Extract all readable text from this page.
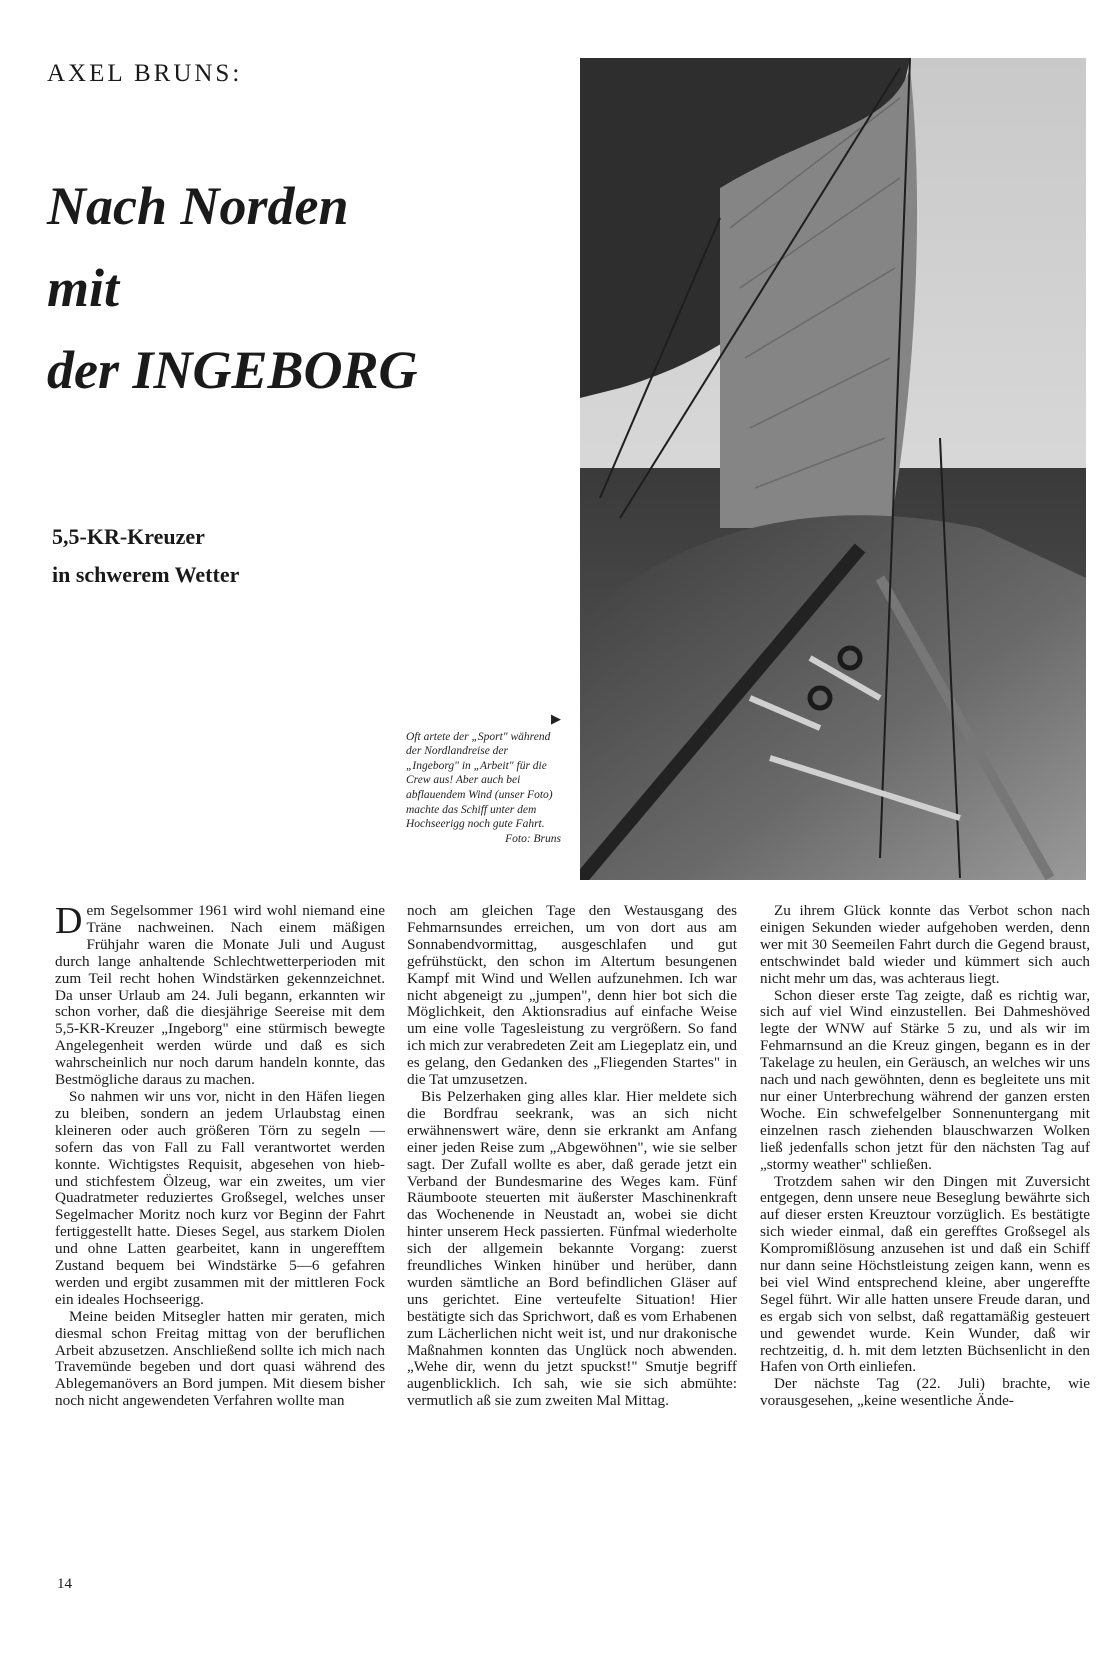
AXEL BRUNS:
Nach Norden
mit
der INGEBORG
5,5-KR-Kreuzer
in schwerem Wetter
▶
Oft artete der „Sport" während der Nordlandreise der „Ingeborg" in „Arbeit" für die Crew aus! Aber auch bei abflauendem Wind (unser Foto) machte das Schiff unter dem Hochseerigg noch gute Fahrt.
Foto: Bruns

Dem Segelsommer 1961 wird wohl niemand eine Träne nachweinen. Nach einem mäßigen Frühjahr waren die Monate Juli und August durch lange anhaltende Schlechtwetterperioden mit zum Teil recht hohen Windstärken gekennzeichnet. Da unser Urlaub am 24. Juli begann, erkannten wir schon vorher, daß die diesjährige Seereise mit dem 5,5-KR-Kreuzer „Ingeborg" eine stürmisch bewegte Angelegenheit werden würde und daß es sich wahrscheinlich nur noch darum handeln konnte, das Bestmögliche daraus zu machen.

So nahmen wir uns vor, nicht in den Häfen liegen zu bleiben, sondern an jedem Urlaubstag einen kleineren oder auch größeren Törn zu segeln — sofern das von Fall zu Fall verantwortet werden konnte. Wichtigstes Requisit, abgesehen von hieb- und stichfestem Ölzeug, war ein zweites, um vier Quadratmeter reduziertes Großsegel, welches unser Segelmacher Moritz noch kurz vor Beginn der Fahrt fertiggestellt hatte. Dieses Segel, aus starkem Diolen und ohne Latten gearbeitet, kann in ungerefftem Zustand bequem bei Windstärke 5—6 gefahren werden und ergibt zusammen mit der mittleren Fock ein ideales Hochseerigg.

Meine beiden Mitsegler hatten mir geraten, mich diesmal schon Freitag mittag von der beruflichen Arbeit abzusetzen. Anschließend sollte ich mich nach Travemünde begeben und dort quasi während des Ablegemanövers an Bord jumpen. Mit diesem bisher noch nicht angewendeten Verfahren wollte man

noch am gleichen Tage den Westausgang des Fehmarnsundes erreichen, um von dort aus am Sonnabendvormittag, ausgeschlafen und gut gefrühstückt, den schon im Altertum besungenen Kampf mit Wind und Wellen aufzunehmen. Ich war nicht abgeneigt zu „jumpen", denn hier bot sich die Möglichkeit, den Aktionsradius auf einfache Weise um eine volle Tagesleistung zu vergrößern. So fand ich mich zur verabredeten Zeit am Liegeplatz ein, und es gelang, den Gedanken des „Fliegenden Startes" in die Tat umzusetzen.

Bis Pelzerhaken ging alles klar. Hier meldete sich die Bordfrau seekrank, was an sich nicht erwähnenswert wäre, denn sie erkrankt am Anfang einer jeden Reise zum „Abgewöhnen", wie sie selber sagt. Der Zufall wollte es aber, daß gerade jetzt ein Verband der Bundesmarine des Weges kam. Fünf Räumboote steuerten mit äußerster Maschinenkraft das Wochenende in Neustadt an, wobei sie dicht hinter unserem Heck passierten. Fünfmal wiederholte sich der allgemein bekannte Vorgang: zuerst freundliches Winken hinüber und herüber, dann wurden sämtliche an Bord befindlichen Gläser auf uns gerichtet. Eine verteufelte Situation! Hier bestätigte sich das Sprichwort, daß es vom Erhabenen zum Lächerlichen nicht weit ist, und nur drakonische Maßnahmen konnten das Unglück noch abwenden. „Wehe dir, wenn du jetzt spuckst!" Smutje begriff augenblicklich. Ich sah, wie sie sich abmühte: vermutlich aß sie zum zweiten Mal Mittag.

Zu ihrem Glück konnte das Verbot schon nach einigen Sekunden wieder aufgehoben werden, denn wer mit 30 Seemeilen Fahrt durch die Gegend braust, entschwindet bald wieder und kümmert sich auch nicht mehr um das, was achteraus liegt.

Schon dieser erste Tag zeigte, daß es richtig war, sich auf viel Wind einzustellen. Bei Dahmeshöved legte der WNW auf Stärke 5 zu, und als wir im Fehmarnsund an die Kreuz gingen, begann es in der Takelage zu heulen, ein Geräusch, an welches wir uns nach und nach gewöhnten, denn es begleitete uns mit nur einer Unterbrechung während der ganzen ersten Woche. Ein schwefelgelber Sonnenuntergang mit einzelnen rasch ziehenden blauschwarzen Wolken ließ jedenfalls schon jetzt für den nächsten Tag auf „stormy weather" schließen.

Trotzdem sahen wir den Dingen mit Zuversicht entgegen, denn unsere neue Beseglung bewährte sich auf dieser ersten Kreuztour vorzüglich. Es bestätigte sich wieder einmal, daß ein gerefftes Großsegel als Kompromißlösung anzusehen ist und daß ein Schiff nur dann seine Höchstleistung zeigen kann, wenn es bei viel Wind entsprechend kleine, aber ungereffte Segel führt. Wir alle hatten unsere Freude daran, und es ergab sich von selbst, daß regattamäßig gesteuert und gewendet wurde. Kein Wunder, daß wir rechtzeitig, d. h. mit dem letzten Büchsenlicht in den Hafen von Orth einliefen.

Der nächste Tag (22. Juli) brachte, wie vorausgesehen, „keine wesentliche Ände-

14
